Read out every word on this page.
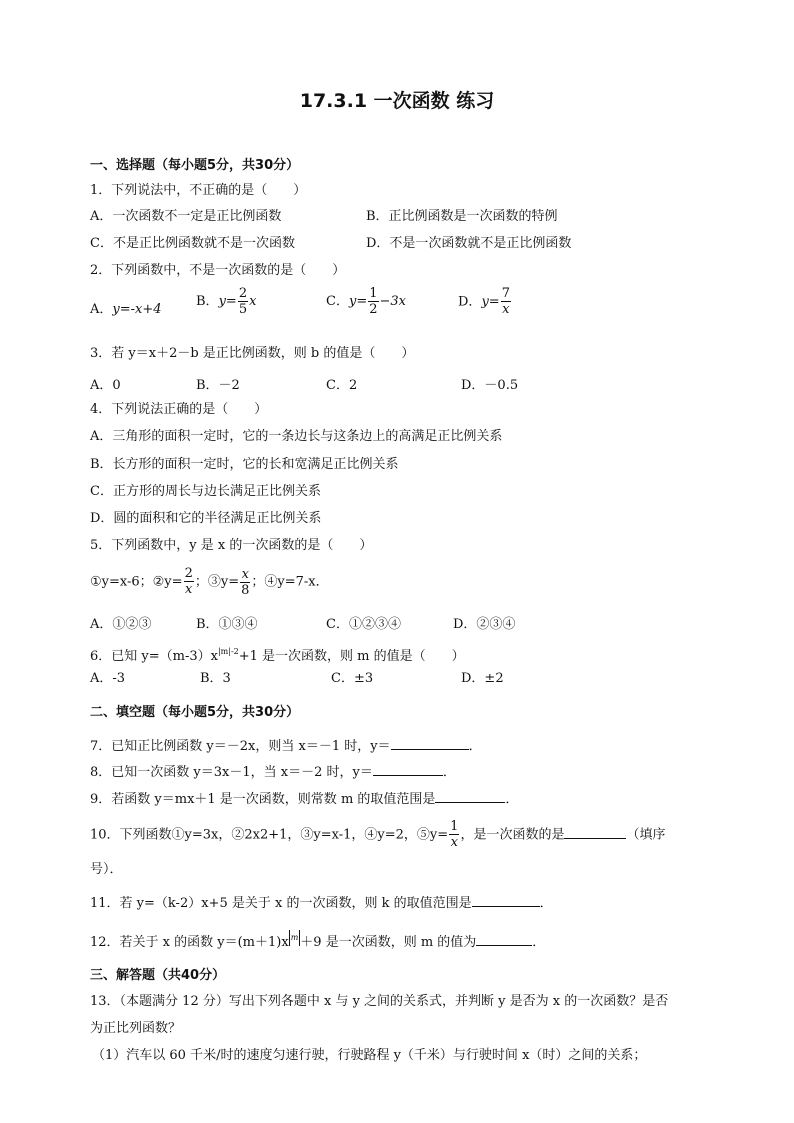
17.3.1 一次函数 练习
一、选择题（每小题5分，共30分）
1．下列说法中，不正确的是（　　）
A．一次函数不一定是正比例函数	B．正比例函数是一次函数的特例
C．不是正比例函数就不是一次函数	D．不是一次函数就不是正比例函数
2．下列函数中，不是一次函数的是（　　）
A．y=-x+4
B．$y= \frac{2}{5}$ x	C．$y= \frac{1}{2} -3x$	D．$y= \frac{7}{x}$
3．若 y＝x＋2－b 是正比例函数，则 b 的值是（　　）
A．0	B．－2	C．2	D．－0.5
4．下列说法正确的是（　　）
A．三角形的面积一定时，它的一条边长与这条边上的高满足正比例关系
B．长方形的面积一定时，它的长和宽满足正比例关系
C．正方形的周长与边长满足正比例关系
D．圆的面积和它的半径满足正比例关系
5．下列函数中，y 是 x 的一次函数的是（　　）
①y=x-6；②y= $\frac{2}{x}$；③y= $\frac{x}{8}$ ；④y=7-x．
A．①②③	B．①③④	C．①②③④	D．②③④
6．已知 $y=(m-3)x^{|m|-2}+1$ 是一次函数，则 m 的值是（　　）
A．-3	B．3	C．±3	D．±2
二、填空题（每小题5分，共30分）
7．已知正比例函数 y＝－2x，则当 x＝－1 时，y＝	．
8．已知一次函数 y＝3x－1，当 x＝－2 时，y＝	．
9．若函数 y＝mx＋1 是一次函数，则常数 m 的取值范围是	．
10．下列函数①y=3x，②2x2+1，③y=x-1，④y=2，⑤y= $\frac{1}{x}$，是一次函数的是	（填序
号）．
11．若 y=（k-2）x+5 是关于 x 的一次函数，则 k 的取值范围是	．
12．若关于 x 的函数 y＝(m＋1)x $^m$ ＋9 是一次函数，则 m 的值为	．
三、解答题（共40分）
13．（本题满分 12 分）写出下列各题中 x 与 y 之间的关系式，并判断 y 是否为 x 的一次函数？是否
为正比列函数？
（1）汽车以 60 千米/时的速度匀速行驶，行驶路程 y（千米）与行驶时间 x（时）之间的关系；
